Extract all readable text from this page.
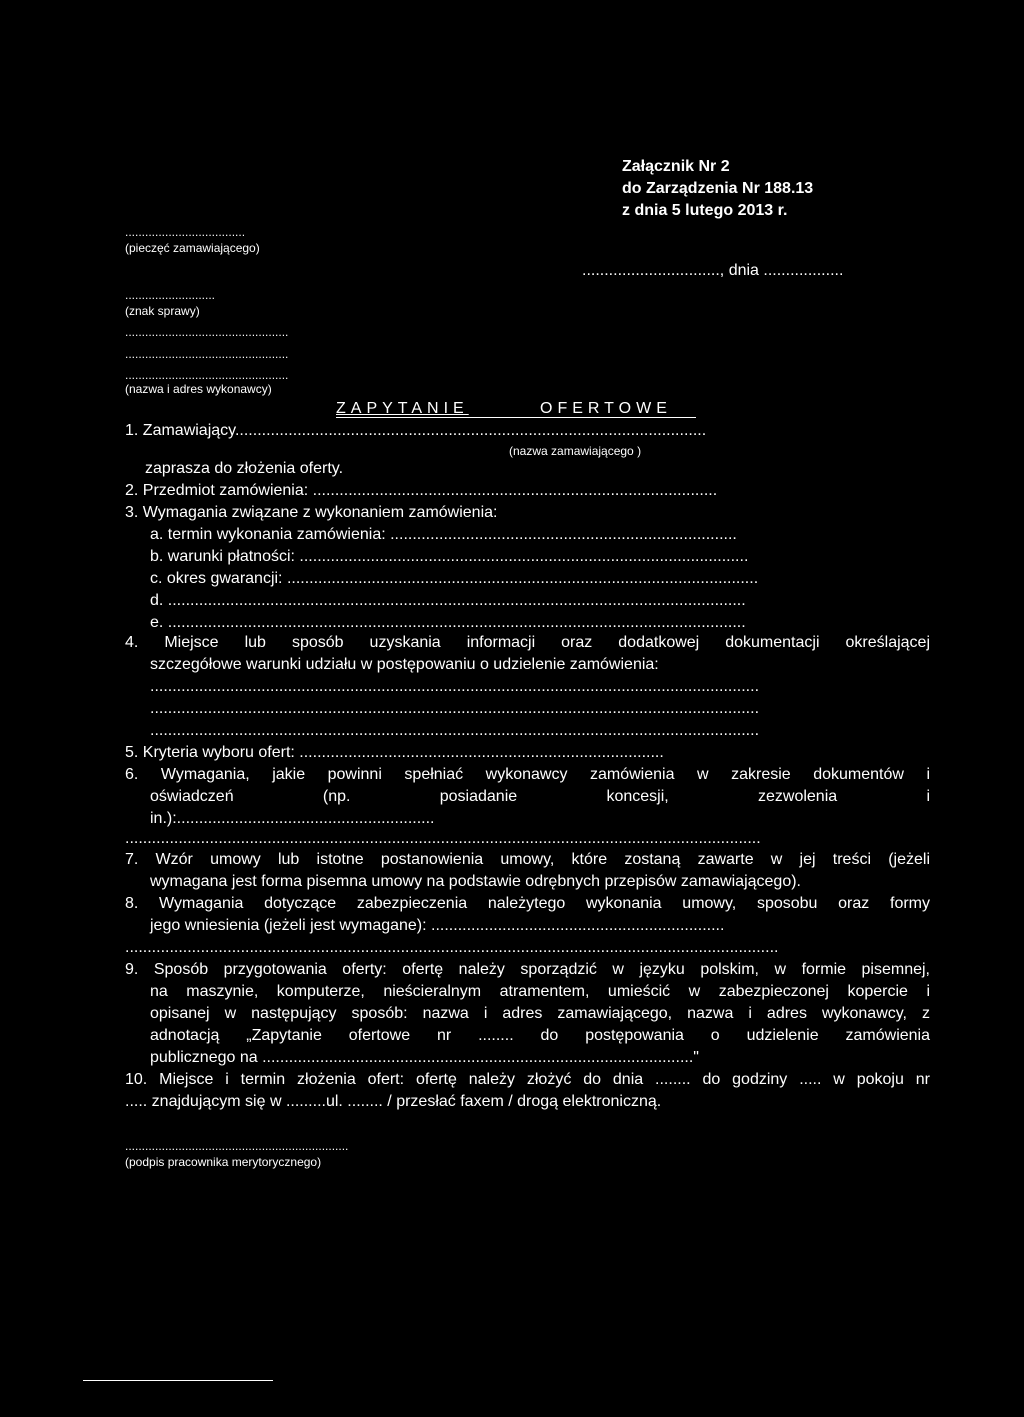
Załącznik Nr 2
do Zarządzenia Nr 188.13
z dnia 5 lutego 2013 r.
....................................
(pieczęć zamawiającego)
...........................
(znak sprawy)
.................................................
.................................................
.................................................
(nazwa i adres wykonawcy)
..............................., dnia ..................
ZAPYTANIE	OFERTOWE
1. Zamawiający..........................................................................................................
(nazwa zamawiającego )
zaprasza do złożenia oferty.
2. Przedmiot zamówienia: ...........................................................................................
3. Wymagania związane z wykonaniem zamówienia:
a. termin wykonania zamówienia: ..............................................................................
b. warunki płatności: .....................................................................................................
c. okres gwarancji: ..........................................................................................................
d. ..................................................................................................................................
e. ..................................................................................................................................
4. Miejsce lub sposób uzyskania informacji oraz dodatkowej dokumentacji określającej
szczegółowe warunki udziału w postępowaniu o udzielenie zamówienia:
.........................................................................................................................................
.........................................................................................................................................
.........................................................................................................................................
5. Kryteria wyboru ofert: ..................................................................................
6. Wymagania, jakie powinni spełniać wykonawcy zamówienia w zakresie dokumentów i
oświadczeń (np. posiadanie koncesji, zezwolenia i
in.):..........................................................
...............................................................................................................................................
7. Wzór umowy lub istotne postanowienia umowy, które zostaną zawarte w jej treści (jeżeli
wymagana jest forma pisemna umowy na podstawie odrębnych przepisów zamawiającego).
8. Wymagania dotyczące zabezpieczenia należytego wykonania umowy, sposobu oraz formy
jego wniesienia (jeżeli jest wymagane): ..................................................................
...................................................................................................................................................
9. Sposób przygotowania oferty: ofertę należy sporządzić w języku polskim, w formie pisemnej,
na maszynie, komputerze, nieścieralnym atramentem, umieścić w zabezpieczonej kopercie i
opisanej w następujący sposób: nazwa i adres zamawiającego, nazwa i adres wykonawcy, z
adnotacją „Zapytanie ofertowe nr ........ do postępowania o udzielenie zamówienia
publicznego na ................................................................................................."
10. Miejsce i termin złożenia ofert: ofertę należy złożyć do dnia ........ do godziny ..... w pokoju nr
..... znajdującym się w .........ul. ........ / przesłać faxem / drogą elektroniczną.
...................................................................
(podpis pracownika merytorycznego)
